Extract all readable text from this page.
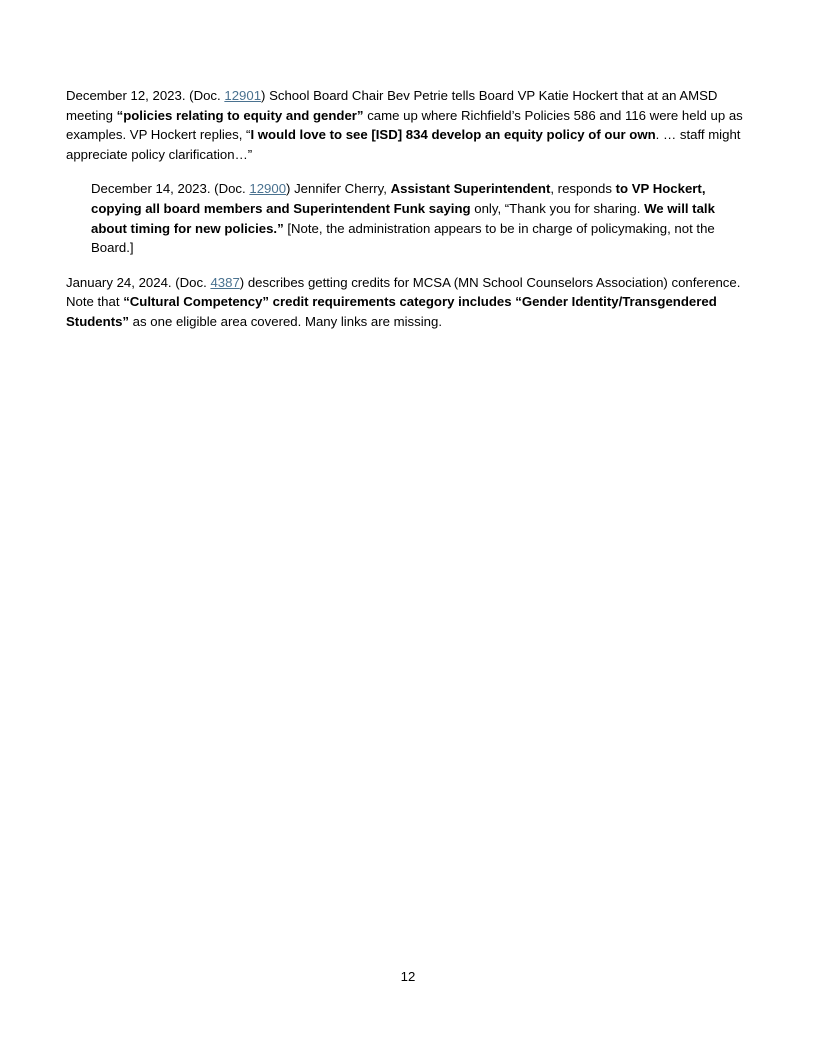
December 12, 2023. (Doc. 12901) School Board Chair Bev Petrie tells Board VP Katie Hockert that at an AMSD meeting “policies relating to equity and gender” came up where Richfield’s Policies 586 and 116 were held up as examples. VP Hockert replies, “I would love to see [ISD] 834 develop an equity policy of our own. … staff might appreciate policy clarification…”

December 14, 2023. (Doc. 12900) Jennifer Cherry, Assistant Superintendent, responds to VP Hockert, copying all board members and Superintendent Funk saying only, “Thank you for sharing. We will talk about timing for new policies.” [Note, the administration appears to be in charge of policymaking, not the Board.]

January 24, 2024. (Doc. 4387) describes getting credits for MCSA (MN School Counselors Association) conference. Note that “Cultural Competency” credit requirements category includes “Gender Identity/Transgendered Students” as one eligible area covered. Many links are missing.

12
